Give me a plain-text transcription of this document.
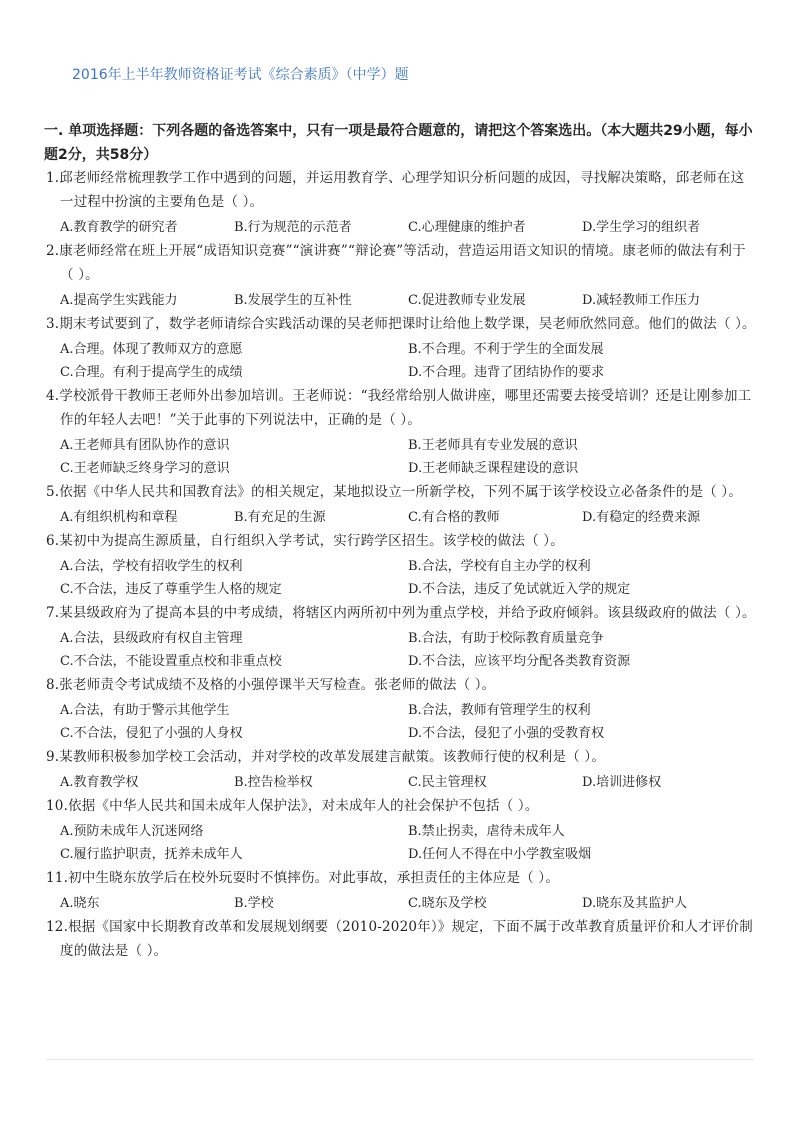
2016年上半年教师资格证考试《综合素质》（中学）题
一. 单项选择题：下列各题的备选答案中，只有一项是最符合题意的，请把这个答案选出。（本大题共29小题，每小题2分，共58分）
1.邱老师经常梳理教学工作中遇到的问题，并运用教育学、心理学知识分析问题的成因，寻找解决策略，邱老师在这一过程中扮演的主要角色是（ ）。
A.教育教学的研究者	B.行为规范的示范者	C.心理健康的维护者	D.学生学习的组织者
2.康老师经常在班上开展“成语知识竞赛”“演讲赛”“辩论赛”等活动，营造运用语文知识的情境。康老师的做法有利于（ ）。
A.提高学生实践能力	B.发展学生的互补性	C.促进教师专业发展	D.减轻教师工作压力
3.期末考试要到了，数学老师请综合实践活动课的吴老师把课时让给他上数学课，吴老师欣然同意。他们的做法（ ）。
A.合理。体现了教师双方的意愿	B.不合理。不利于学生的全面发展
C.合理。有利于提高学生的成绩	D.不合理。违背了团结协作的要求
4.学校派骨干教师王老师外出参加培训。王老师说：“我经常给别人做讲座，哪里还需要去接受培训？还是让刚参加工作的年轻人去吧！”关于此事的下列说法中，正确的是（ ）。
A.王老师具有团队协作的意识	B.王老师具有专业发展的意识
C.王老师缺乏终身学习的意识	D.王老师缺乏课程建设的意识
5.依据《中华人民共和国教育法》的相关规定，某地拟设立一所新学校，下列不属于该学校设立必备条件的是（ ）。
A.有组织机构和章程	B.有充足的生源	C.有合格的教师	D.有稳定的经费来源
6.某初中为提高生源质量，自行组织入学考试，实行跨学区招生。该学校的做法（ ）。
A.合法，学校有招收学生的权利	B.合法，学校有自主办学的权利
C.不合法，违反了尊重学生人格的规定	D.不合法，违反了免试就近入学的规定
7.某县级政府为了提高本县的中考成绩，将辖区内两所初中列为重点学校，并给予政府倾斜。该县级政府的做法（ ）。
A.合法，县级政府有权自主管理	B.合法，有助于校际教育质量竞争
C.不合法，不能设置重点校和非重点校	D.不合法，应该平均分配各类教育资源
8.张老师责令考试成绩不及格的小强停课半天写检查。张老师的做法（ ）。
A.合法，有助于警示其他学生	B.合法，教师有管理学生的权利
C.不合法，侵犯了小强的人身权	D.不合法，侵犯了小强的受教育权
9.某教师积极参加学校工会活动，并对学校的改革发展建言献策。该教师行使的权利是（ ）。
A.教育教学权	B.控告检举权	C.民主管理权	D.培训进修权
10.依据《中华人民共和国未成年人保护法》，对未成年人的社会保护不包括（ ）。
A.预防未成年人沉迷网络	B.禁止拐卖，虐待未成年人
C.履行监护职责，抚养未成年人	D.任何人不得在中小学教室吸烟
11.初中生晓东放学后在校外玩耍时不慎摔伤。对此事故，承担责任的主体应是（ ）。
A.晓东	B.学校	C.晓东及学校	D.晓东及其监护人
12.根据《国家中长期教育改革和发展规划纲要（2010-2020年）》规定，下面不属于改革教育质量评价和人才评价制度的做法是（ ）。
